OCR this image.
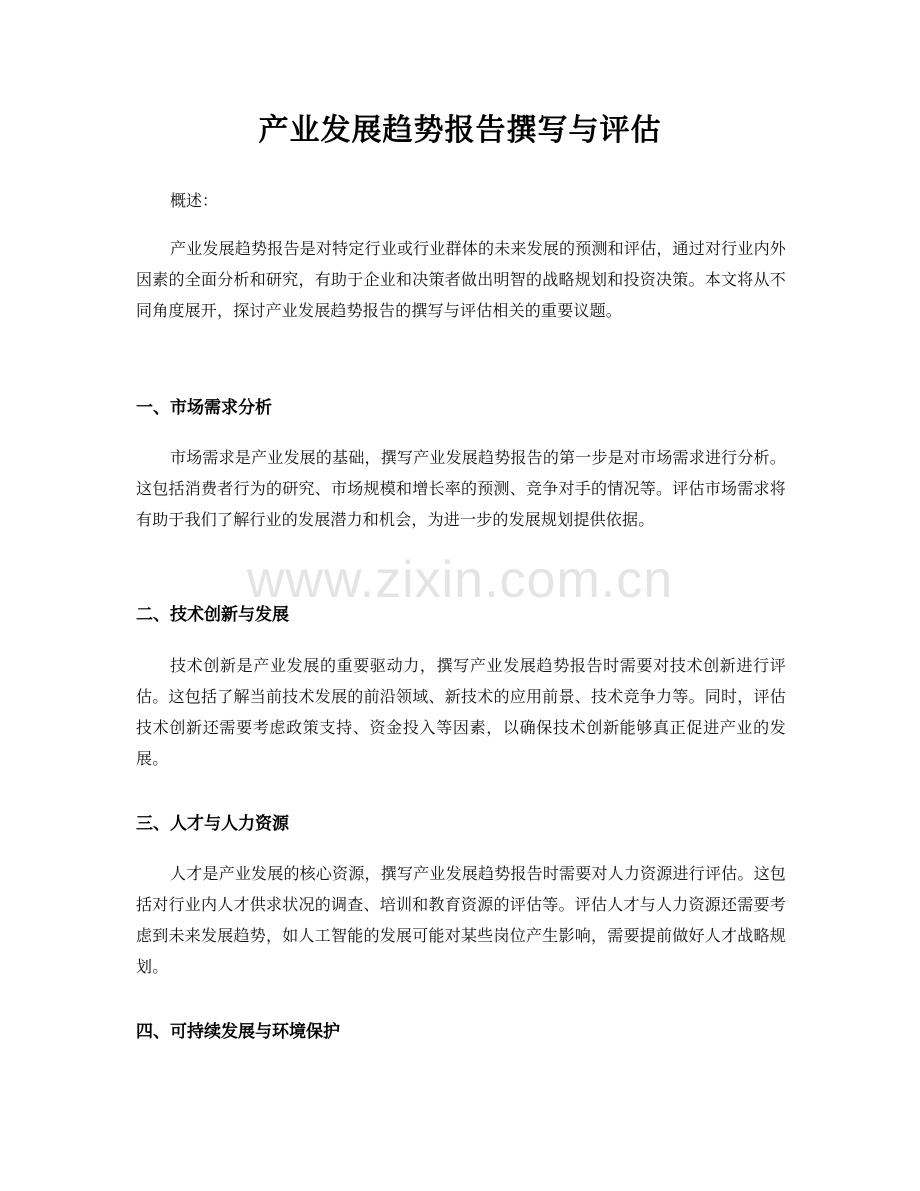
产业发展趋势报告撰写与评估

概述：

产业发展趋势报告是对特定行业或行业群体的未来发展的预测和评估，通过对行业内外因素的全面分析和研究，有助于企业和决策者做出明智的战略规划和投资决策。本文将从不同角度展开，探讨产业发展趋势报告的撰写与评估相关的重要议题。

一、市场需求分析

市场需求是产业发展的基础，撰写产业发展趋势报告的第一步是对市场需求进行分析。这包括消费者行为的研究、市场规模和增长率的预测、竞争对手的情况等。评估市场需求将有助于我们了解行业的发展潜力和机会，为进一步的发展规划提供依据。

二、技术创新与发展

技术创新是产业发展的重要驱动力，撰写产业发展趋势报告时需要对技术创新进行评估。这包括了解当前技术发展的前沿领域、新技术的应用前景、技术竞争力等。同时，评估技术创新还需要考虑政策支持、资金投入等因素，以确保技术创新能够真正促进产业的发展。

三、人才与人力资源

人才是产业发展的核心资源，撰写产业发展趋势报告时需要对人力资源进行评估。这包括对行业内人才供求状况的调查、培训和教育资源的评估等。评估人才与人力资源还需要考虑到未来发展趋势，如人工智能的发展可能对某些岗位产生影响，需要提前做好人才战略规划。

四、可持续发展与环境保护
www.zixin.com.cn
